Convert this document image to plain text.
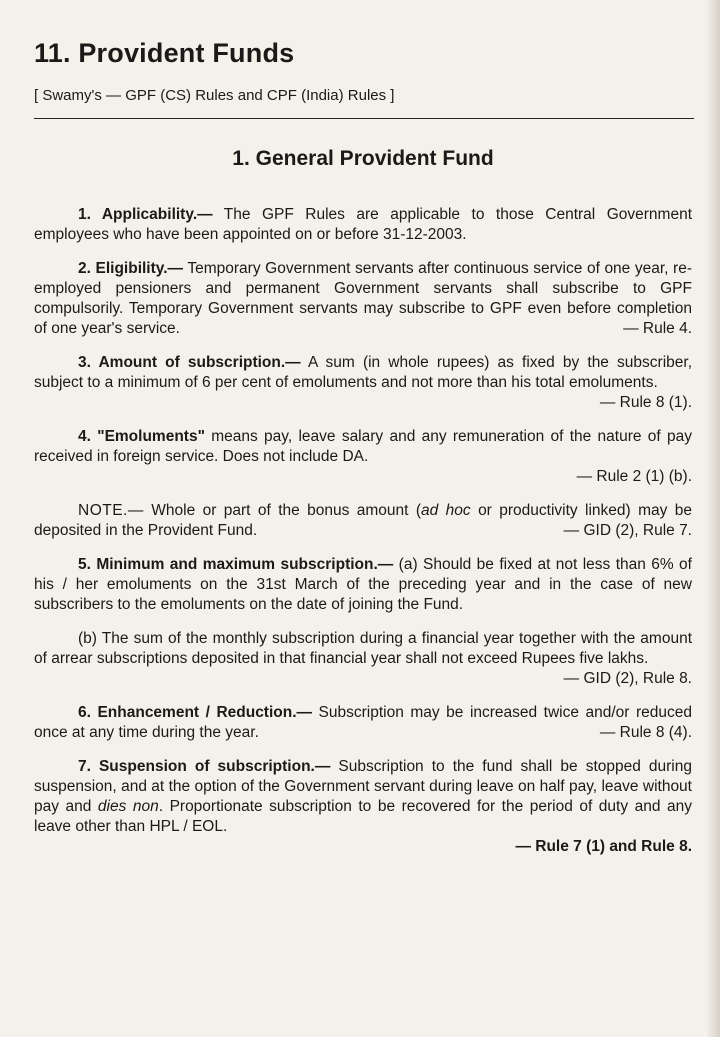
11. Provident Funds

[ Swamy's — GPF (CS) Rules and CPF (India) Rules ]

1. General Provident Fund

1. Applicability.— The GPF Rules are applicable to those Central Government employees who have been appointed on or before 31-12-2003.

2. Eligibility.— Temporary Government servants after continuous service of one year, re-employed pensioners and permanent Government servants shall subscribe to GPF compulsorily. Temporary Government servants may subscribe to GPF even before completion of one year's service.	— Rule 4.

3. Amount of subscription.— A sum (in whole rupees) as fixed by the subscriber, subject to a minimum of 6 per cent of emoluments and not more than his total emoluments.
— Rule 8 (1).

4. "Emoluments" means pay, leave salary and any remuneration of the nature of pay received in foreign service. Does not include DA.

— Rule 2 (1) (b).

NOTE.— Whole or part of the bonus amount (ad hoc or productivity linked) may be deposited in the Provident Fund.	— GID (2), Rule 7.

5. Minimum and maximum subscription.— (a) Should be fixed at not less than 6% of his / her emoluments on the 31st March of the preceding year and in the case of new subscribers to the emoluments on the date of joining the Fund.

(b) The sum of the monthly subscription during a financial year together with the amount of arrear subscriptions deposited in that financial year shall not exceed Rupees five lakhs.
— GID (2), Rule 8.

6. Enhancement / Reduction.— Subscription may be increased twice and/or reduced once at any time during the year.	— Rule 8 (4).

7. Suspension of subscription.— Subscription to the fund shall be stopped during suspension, and at the option of the Government servant during leave on half pay, leave without pay and dies non. Proportionate subscription to be recovered for the period of duty and any leave other than HPL / EOL.

— Rule 7 (1) and Rule 8.
